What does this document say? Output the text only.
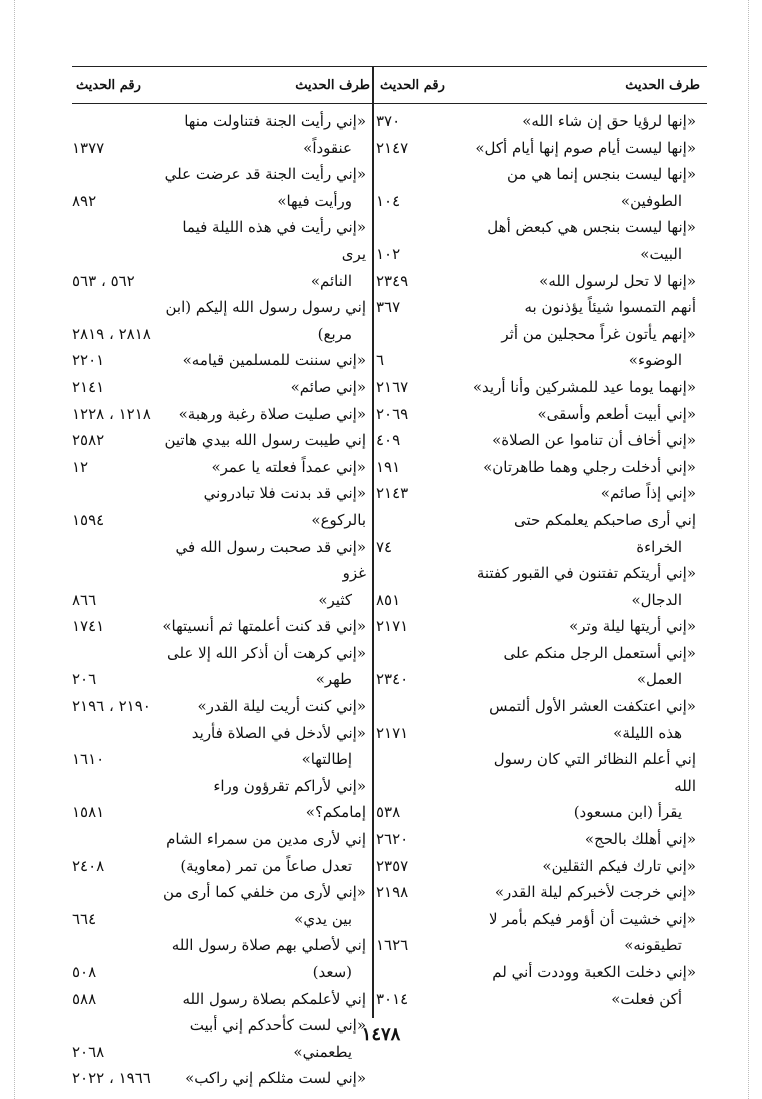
طرف الحديث
رقم الحديث
«إنها لرؤيا حق إن شاء الله»
٣٧٠
«إنها ليست أيام صوم إنها أيام أكل»
٢١٤٧
«إنها ليست بنجس إنما هي من
الطوفين»
١٠٤
«إنها ليست بنجس هي كبعض أهل
البيت»
١٠٢
«إنها لا تحل لرسول الله»
٢٣٤٩
أنهم التمسوا شيئاً يؤذنون به
٣٦٧
«إنهم يأتون غراً محجلين من أثر
الوضوء»
٦
«إنهما يوما عيد للمشركين وأنا أريد»
٢١٦٧
«إني أبيت أطعم وأسقى»
٢٠٦٩
«إني أخاف أن تناموا عن الصلاة»
٤٠٩
«إني أدخلت رجلي وهما طاهرتان»
١٩١
«إني إذاً صائم»
٢١٤٣
إني أرى صاحبكم يعلمكم حتى
الخراءة
٧٤
«إني أريتكم تفتنون في القبور كفتنة
الدجال»
٨٥١
«إني أريتها ليلة وتر»
٢١٧١
«إني أستعمل الرجل منكم على
العمل»
٢٣٤٠
«إني اعتكفت العشر الأول ألتمس
هذه الليلة»
٢١٧١
إني أعلم النظائر التي كان رسول الله
يقرأ (ابن مسعود)
٥٣٨
«إني أهلك بالحج»
٢٦٢٠
«إني تارك فيكم الثقلين»
٢٣٥٧
«إني خرجت لأخبركم ليلة القدر»
٢١٩٨
«إني خشيت أن أؤمر فيكم بأمر لا
تطيقونه»
١٦٢٦
«إني دخلت الكعبة ووددت أني لم
أكن فعلت»
٣٠١٤
طرف الحديث
رقم الحديث
«إني رأيت الجنة فتناولت منها
عنقوداً»
١٣٧٧
«إني رأيت الجنة قد عرضت علي
ورأيت فيها»
٨٩٢
«إني رأيت في هذه الليلة فيما يرى
النائم»
٥٦٢ ، ٥٦٣
إني رسول رسول الله إليكم (ابن
مربع)
٢٨١٨ ، ٢٨١٩
«إني سننت للمسلمين قيامه»
٢٢٠١
«إني صائم»
٢١٤١
«إني صليت صلاة رغبة ورهبة»
١٢١٨ ، ١٢٢٨
إني طيبت رسول الله بيدي هاتين
٢٥٨٢
«إني عمداً فعلته يا عمر»
١٢
«إني قد بدنت فلا تبادروني بالركوع»
١٥٩٤
«إني قد صحبت رسول الله في غزو
كثير»
٨٦٦
«إني قد كنت أعلمتها ثم أنسيتها»
١٧٤١
«إني كرهت أن أذكر الله إلا على
طهر»
٢٠٦
«إني كنت أريت ليلة القدر»
٢١٩٠ ، ٢١٩٦
«إني لأدخل في الصلاة فأريد
إطالتها»
١٦١٠
«إني لأراكم تقرؤون وراء إمامكم؟»
١٥٨١
إني لأرى مدين من سمراء الشام
تعدل صاعاً من تمر (معاوية)
٢٤٠٨
«إني لأرى من خلفي كما أرى من
بين يدي»
٦٦٤
إني لأصلي بهم صلاة رسول الله
(سعد)
٥٠٨
إني لأعلمكم بصلاة رسول الله
٥٨٨
«إني لست كأحدكم إني أبيت
يطعمني»
٢٠٦٨
«إني لست مثلكم إني راكب»
١٩٦٦ ، ٢٠٢٢
١٤٧٨
